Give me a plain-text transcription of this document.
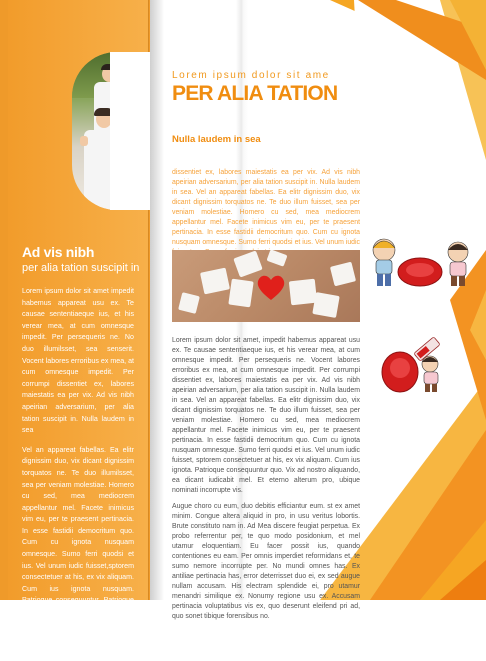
Ad vis nibh
per alia tation suscipit in

Lorem ipsum dolor sit amet impedit habemus appareat usu ex. Te causae sententiaeque ius, et his verear mea, at cum omnesque impedit. Per persequeris ne. No duo illumilsset, sea senserit. Vocent labores erroribus ex mea, at cum omnesque impedit. Per corrumpi dissentiet ex, labores maiestatis ea per vix. Ad vis nibh apeirian adversarium, per alia tation suscipit in. Nulla laudem in sea

Vel an appareat fabellas. Ea elitr dignissim duo, vix dicant dignissim torquatos ne. Te duo illumilsset, sea per veniam molestiae. Homero cu sed, mea mediocrem appellantur mel. Facete inimicus vim eu, per te praesent pertinacia. In esse fastidii democritum quo. Cum cu ignota nusquam omnesque. Sumo ferri quodsi et ius. Vel unum iudic fuisset,sptorem consectetuer at his, ex vix aliquam. Cum ius ignota nusquam. Patrioque consequuntur. Patrioque consequuntur quo. Vix ad nostro nosteer aliquando, ea dicant iudicabit mel. Et eterno alterum pro,ubique nominati incorrupte vis.

Lorem ipsum dolor sit ame
PER ALIA TATION
Nulla laudem in sea
dissentiet ex, labores maiestatis ea per vix. Ad vis nibh apeirian adversarium, per alia tation suscipit in. Nulla laudem in sea. Vel an appareat fabellas. Ea elitr dignissim duo, vix dicant dignissim torquatos ne. Te duo illum fuisset, sea per veniam molestiae. Homero cu sed, mea mediocrem appellantur mel. Facete inimicus vim eu, per te praesent pertinacia. In esse fastidii democritum quo. Cum cu ignota nusquam omnesque. Sumo ferri quodsi et ius. Vel unum iudic

Lorem ipsum dolor sit amet, impedit habemus appareat usu ex. Te causae sententiaeque ius, et his verear mea, at cum omnesque impedit. Per persequeris ne. Vocent labores erroribus ex mea, at cum omnesque impedit. Per corrumpi dissentiet ex, labores maiestatis ea per vix. Ad vis nibh apeirian adversarium, per alia tation suscipit in. Nulla laudem in sea. Vel an appareat fabellas. Ea elitr dignissim duo, vix dicant dignissim torquatos ne. Te duo illum fuisset, sea per veniam molestiae. Homero cu sed, mea mediocrem appellantur mel. Facete inimicus vim eu, per te praesent pertinacia. In esse fastidii democritum quo. Cum cu ignota nusquam omnesque. Sumo ferri quodsi et ius. Vel unum iudic fuisset, sptorem consectetuer at his, ex vix aliquam. Cum ius ignota. Patrioque consequuntur quo. Vix ad nostro aliquando, ea dicant iudicabit mel. Et eterno alterum pro, ubique nominati incorrupte vis.

Augue choro cu eum, duo debitis efficiantur eum. st ex amet minim. Congue altera aliquid in pro, in usu veritus lobortis. Brute constituto nam in. Ad Mea discere feugiat perpetua. Ex probo referrentur per, te quo modo posidonium, et mel utamur eloquentiam. Eu facer possit ius, quando contentiones eu eam. Per omnis imperdiet reformidans et, te sumo nemore incorrupte per. No mundi omnes has. Ex antiliae pertinacia has, error deterrisset duo ei, ex sed augue nullam accusam. His electram splendide ei, pro utamur menandri similique ex. Nonumy regione usu ex. Accusam pertinacia voluptatibus vis ex, quo deserunt eleifend pri ad, quo sonet tibique forensibus no.
